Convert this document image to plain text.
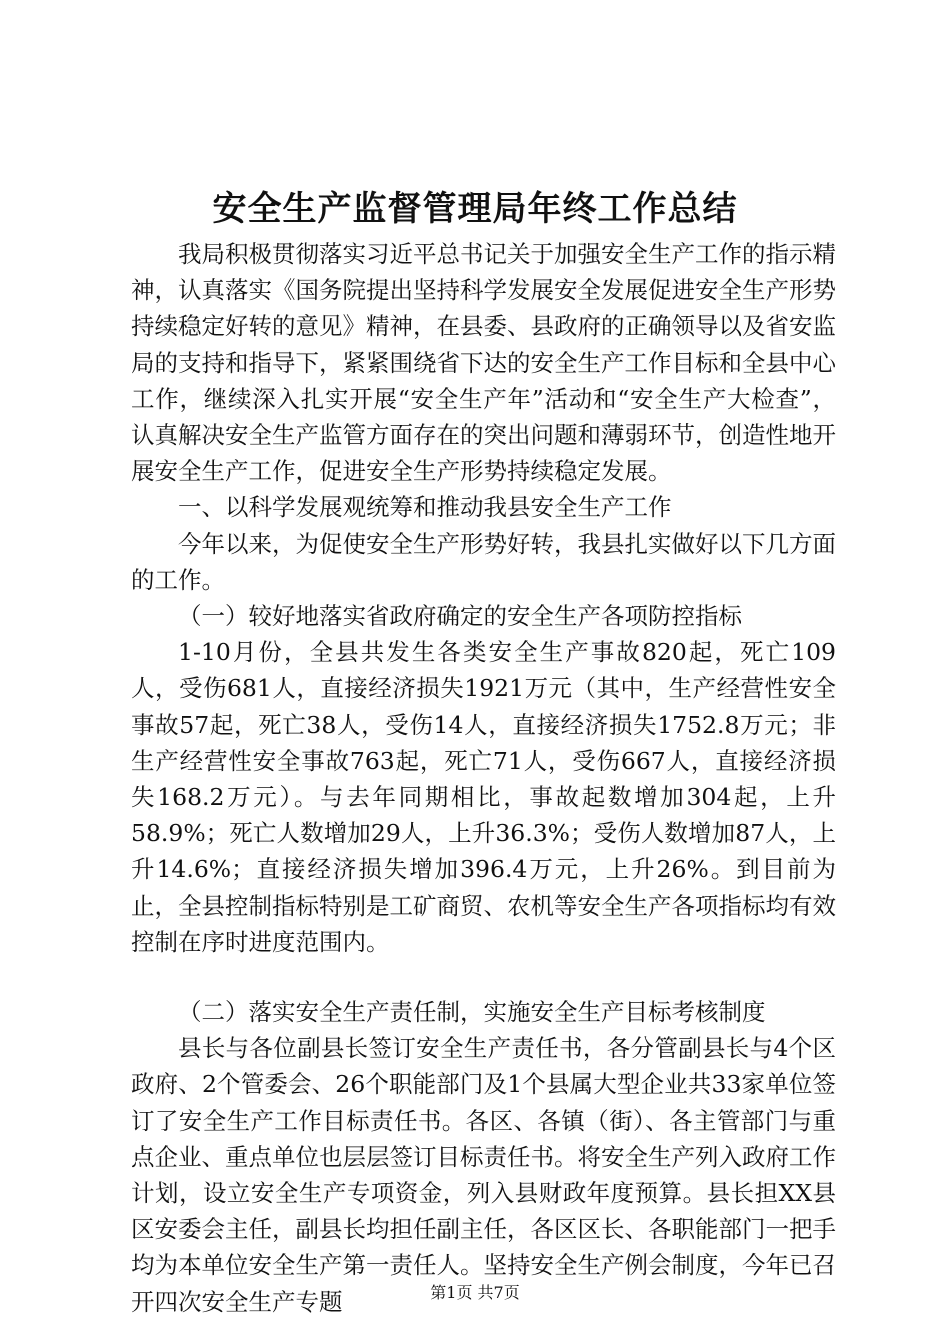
安全生产监督管理局年终工作总结

我局积极贯彻落实习近平总书记关于加强安全生产工作的指示精神，认真落实《国务院提出坚持科学发展安全发展促进安全生产形势持续稳定好转的意见》精神，在县委、县政府的正确领导以及省安监局的支持和指导下，紧紧围绕省下达的安全生产工作目标和全县中心工作，继续深入扎实开展“安全生产年”活动和“安全生产大检查”，认真解决安全生产监管方面存在的突出问题和薄弱环节，创造性地开展安全生产工作，促进安全生产形势持续稳定发展。

一、以科学发展观统筹和推动我县安全生产工作

今年以来，为促使安全生产形势好转，我县扎实做好以下几方面的工作。

（一）较好地落实省政府确定的安全生产各项防控指标

1-10月份，全县共发生各类安全生产事故820起，死亡109人，受伤681人，直接经济损失1921万元（其中，生产经营性安全事故57起，死亡38人，受伤14人，直接经济损失1752.8万元；非生产经营性安全事故763起，死亡71人，受伤667人，直接经济损失168.2万元）。与去年同期相比，事故起数增加304起，上升58.9%；死亡人数增加29人，上升36.3%；受伤人数增加87人，上升14.6%；直接经济损失增加396.4万元，上升26%。到目前为止，全县控制指标特别是工矿商贸、农机等安全生产各项指标均有效控制在序时进度范围内。

（二）落实安全生产责任制，实施安全生产目标考核制度

县长与各位副县长签订安全生产责任书，各分管副县长与4个区政府、2个管委会、26个职能部门及1个县属大型企业共33家单位签订了安全生产工作目标责任书。各区、各镇（街）、各主管部门与重点企业、重点单位也层层签订目标责任书。将安全生产列入政府工作计划，设立安全生产专项资金，列入县财政年度预算。县长担XX县区安委会主任，副县长均担任副主任，各区区长、各职能部门一把手均为本单位安全生产第一责任人。坚持安全生产例会制度，今年已召开四次安全生产专题	第1页 共7页
